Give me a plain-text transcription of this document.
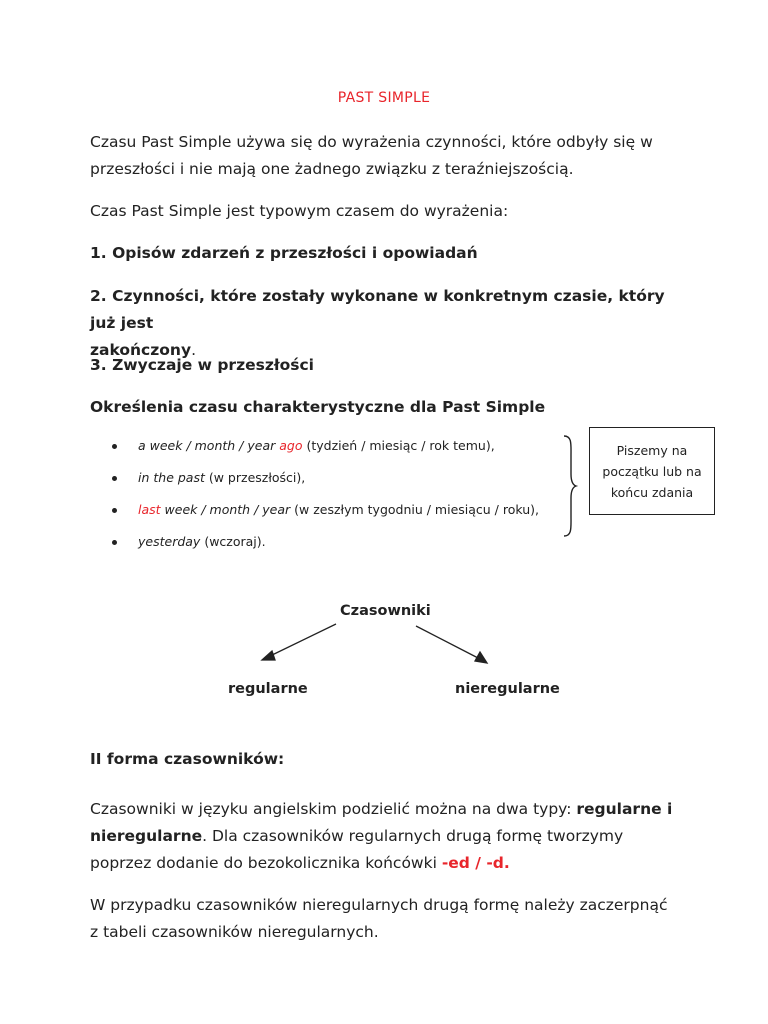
PAST SIMPLE
Czasu Past Simple używa się do wyrażenia czynności, które odbyły się w
przeszłości i nie mają one żadnego związku z teraźniejszością.
Czas Past Simple jest typowym czasem do wyrażenia:
1. Opisów zdarzeń z przeszłości i opowiadań
2. Czynności, które zostały wykonane w konkretnym czasie, który już jest
zakończony.
3. Zwyczaje w przeszłości
Określenia czasu charakterystyczne dla Past Simple
a week / month / year ago (tydzień / miesiąc / rok temu),
in the past (w przeszłości),
last week / month / year (w zeszłym tygodniu / miesiącu / roku),
yesterday (wczoraj).
Piszemy na
początku lub na
końcu zdania
Czasowniki
regularne	nieregularne
II forma czasowników:
Czasowniki w języku angielskim podzielić można na dwa typy: regularne i
nieregularne. Dla czasowników regularnych drugą formę tworzymy
poprzez dodanie do bezokolicznika końcówki -ed / -d.
W przypadku czasowników nieregularnych drugą formę należy zaczerpnąć
z tabeli czasowników nieregularnych.
